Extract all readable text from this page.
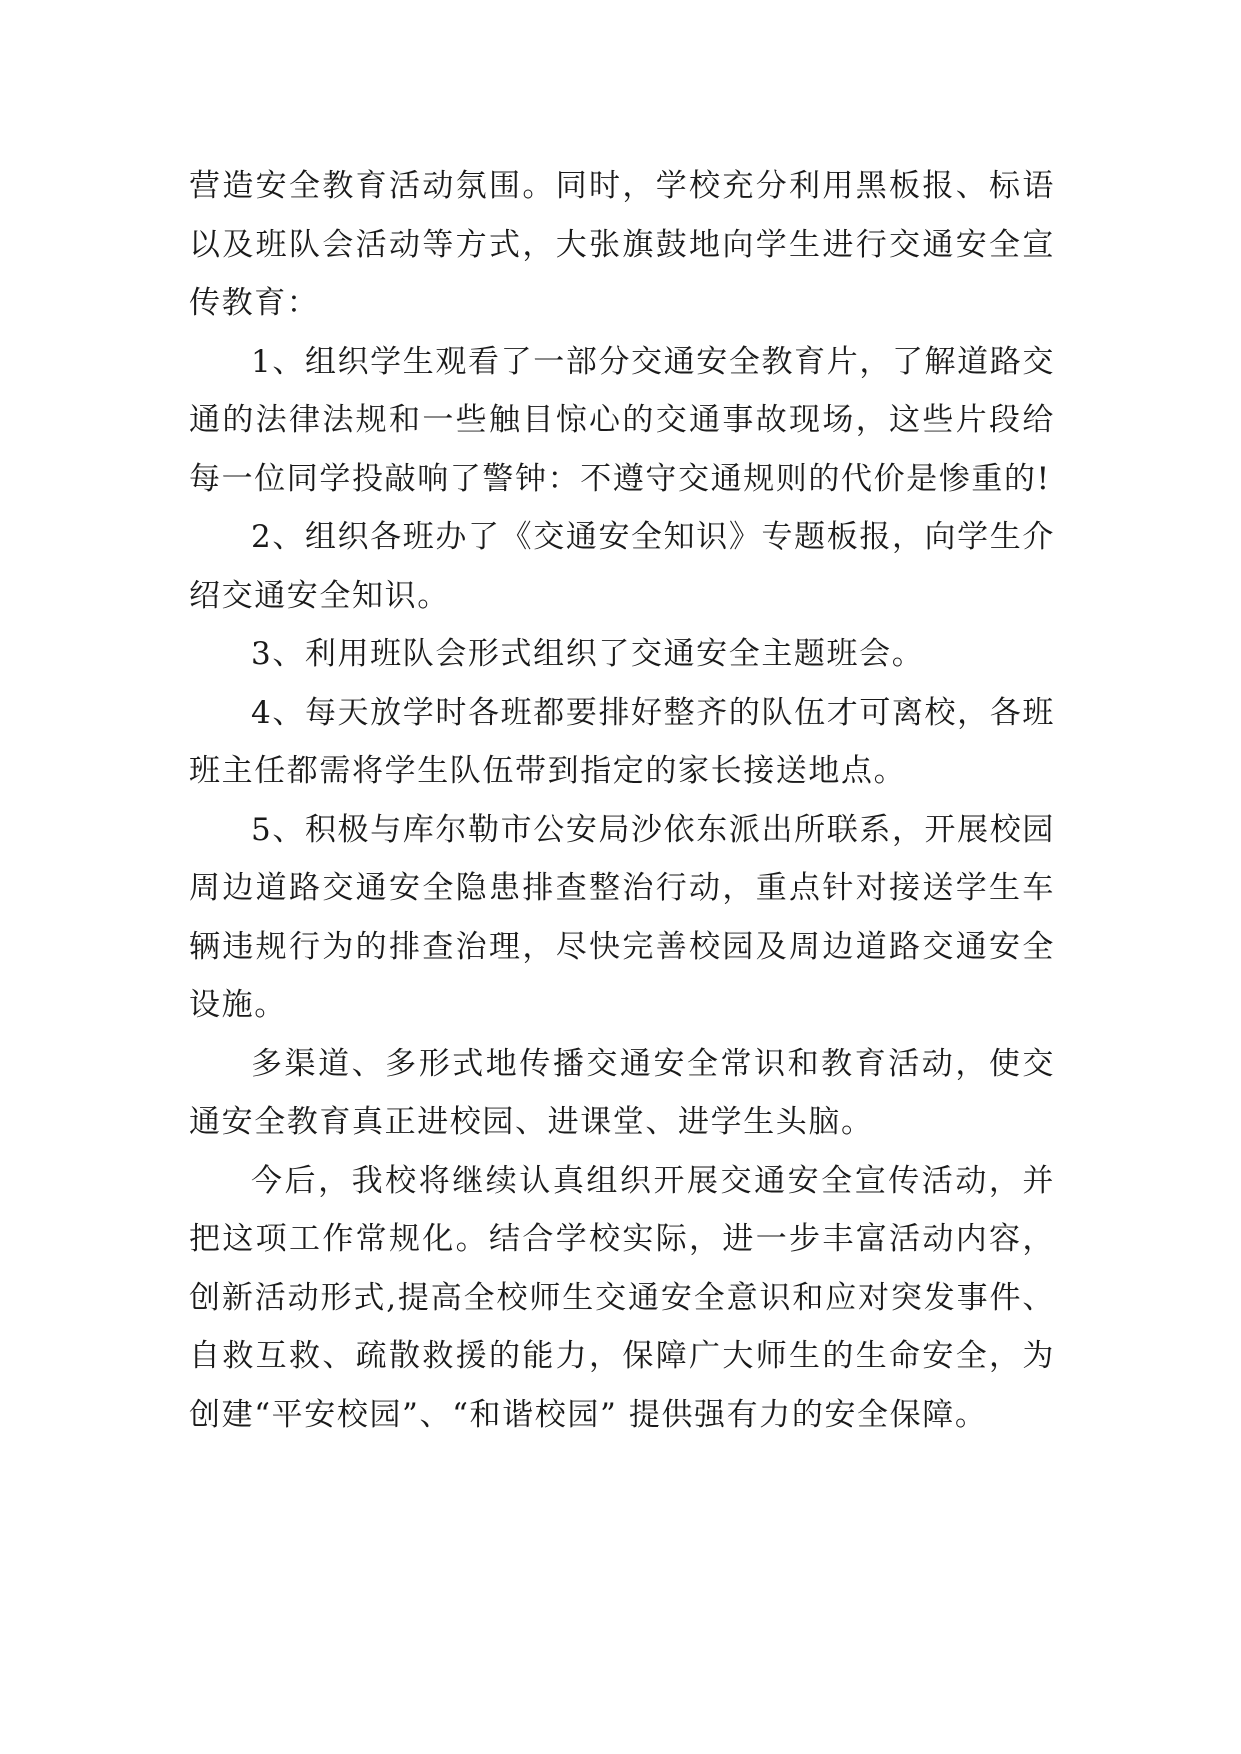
营造安全教育活动氛围。同时，学校充分利用黑板报、标语以及班队会活动等方式，大张旗鼓地向学生进行交通安全宣传教育：

1、组织学生观看了一部分交通安全教育片，了解道路交通的法律法规和一些触目惊心的交通事故现场，这些片段给每一位同学投敲响了警钟：不遵守交通规则的代价是惨重的!

2、组织各班办了《交通安全知识》专题板报，向学生介绍交通安全知识。

3、利用班队会形式组织了交通安全主题班会。

4、每天放学时各班都要排好整齐的队伍才可离校，各班班主任都需将学生队伍带到指定的家长接送地点。

5、积极与库尔勒市公安局沙依东派出所联系，开展校园周边道路交通安全隐患排查整治行动，重点针对接送学生车辆违规行为的排查治理，尽快完善校园及周边道路交通安全设施。

多渠道、多形式地传播交通安全常识和教育活动，使交通安全教育真正进校园、进课堂、进学生头脑。

今后，我校将继续认真组织开展交通安全宣传活动，并把这项工作常规化。结合学校实际，进一步丰富活动内容，创新活动形式,提高全校师生交通安全意识和应对突发事件、自救互救、疏散救援的能力，保障广大师生的生命安全，为创建“平安校园”、“和谐校园” 提供强有力的安全保障。
